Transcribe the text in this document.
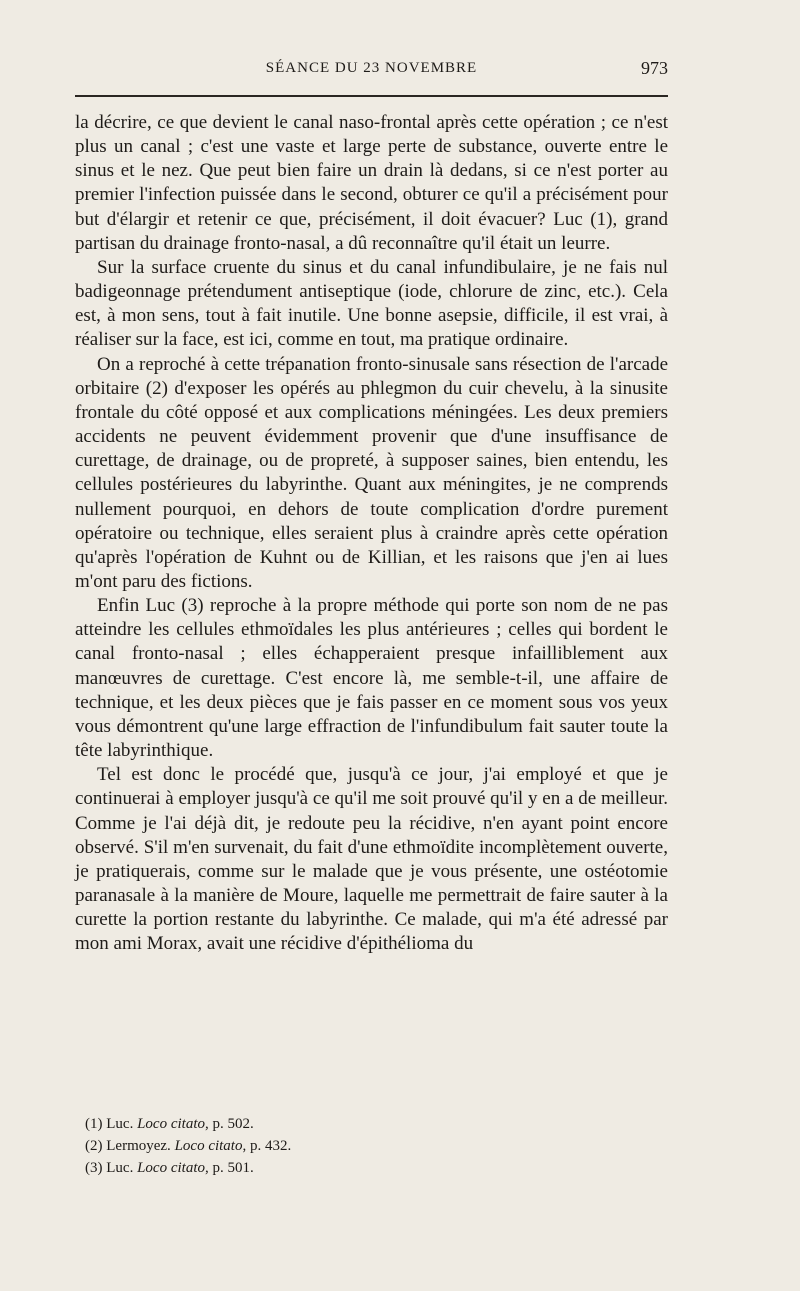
SÉANCE DU 23 NOVEMBRE	973

la décrire, ce que devient le canal naso-frontal après cette opération ; ce n'est plus un canal ; c'est une vaste et large perte de substance, ouverte entre le sinus et le nez. Que peut bien faire un drain là dedans, si ce n'est porter au premier l'infection puissée dans le second, obturer ce qu'il a précisément pour but d'élargir et retenir ce que, précisément, il doit évacuer? Luc (1), grand partisan du drainage fronto-nasal, a dû reconnaître qu'il était un leurre.

Sur la surface cruente du sinus et du canal infundibulaire, je ne fais nul badigeonnage prétendument antiseptique (iode, chlorure de zinc, etc.). Cela est, à mon sens, tout à fait inutile. Une bonne asepsie, difficile, il est vrai, à réaliser sur la face, est ici, comme en tout, ma pratique ordinaire.

On a reproché à cette trépanation fronto-sinusale sans résection de l'arcade orbitaire (2) d'exposer les opérés au phlegmon du cuir chevelu, à la sinusite frontale du côté opposé et aux complications méningées. Les deux premiers accidents ne peuvent évidemment provenir que d'une insuffisance de curettage, de drainage, ou de propreté, à supposer saines, bien entendu, les cellules postérieures du labyrinthe. Quant aux méningites, je ne comprends nullement pourquoi, en dehors de toute complication d'ordre purement opératoire ou technique, elles seraient plus à craindre après cette opération qu'après l'opération de Kuhnt ou de Killian, et les raisons que j'en ai lues m'ont paru des fictions.

Enfin Luc (3) reproche à la propre méthode qui porte son nom de ne pas atteindre les cellules ethmoïdales les plus antérieures ; celles qui bordent le canal fronto-nasal ; elles échapperaient presque infailliblement aux manœuvres de curettage. C'est encore là, me semble-t-il, une affaire de technique, et les deux pièces que je fais passer en ce moment sous vos yeux vous démontrent qu'une large effraction de l'infundibulum fait sauter toute la tête labyrinthique.

Tel est donc le procédé que, jusqu'à ce jour, j'ai employé et que je continuerai à employer jusqu'à ce qu'il me soit prouvé qu'il y en a de meilleur. Comme je l'ai déjà dit, je redoute peu la récidive, n'en ayant point encore observé. S'il m'en survenait, du fait d'une ethmoïdite incomplètement ouverte, je pratiquerais, comme sur le malade que je vous présente, une ostéotomie paranasale à la manière de Moure, laquelle me permettrait de faire sauter à la curette la portion restante du labyrinthe. Ce malade, qui m'a été adressé par mon ami Morax, avait une récidive d'épithélioma du

(1) Luc. Loco citato, p. 502.
(2) Lermoyez. Loco citato, p. 432.
(3) Luc. Loco citato, p. 501.
